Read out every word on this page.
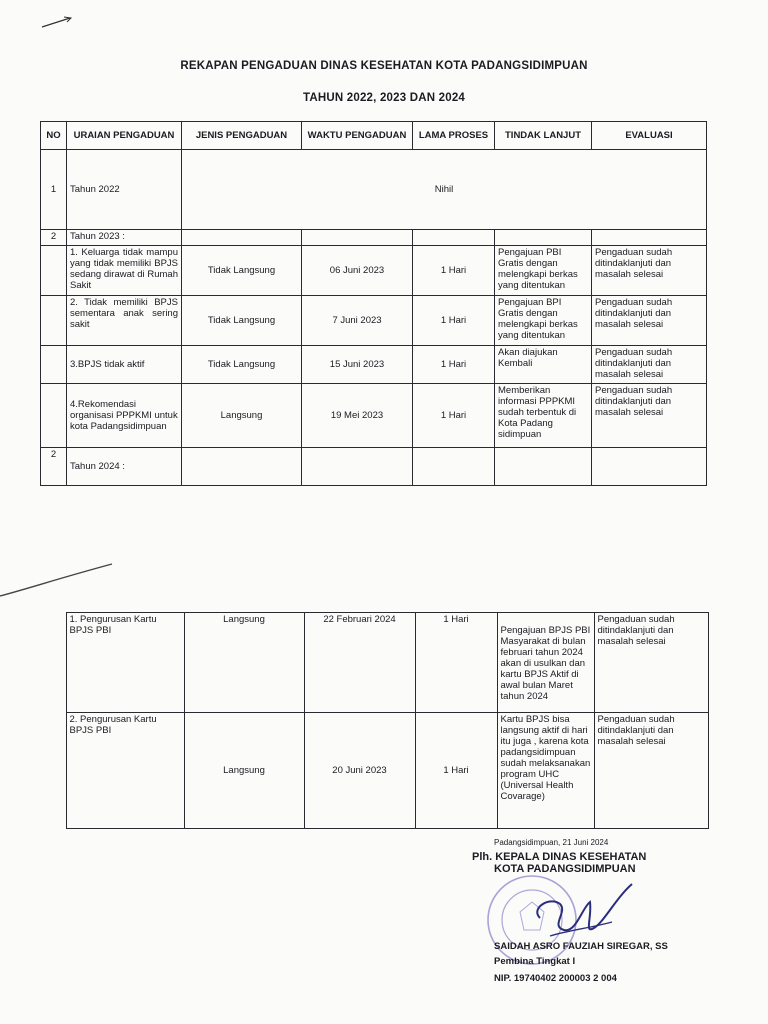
REKAPAN PENGADUAN DINAS KESEHATAN KOTA PADANGSIDIMPUAN
TAHUN 2022, 2023 DAN 2024
NO	URAIAN PENGADUAN	JENIS PENGADUAN	WAKTU PENGADUAN	LAMA PROSES	TINDAK LANJUT	EVALUASI
1	Tahun 2022	Nihil				
2	Tahun 2023 :					
	1. Keluarga tidak mampu yang tidak memiliki BPJS sedang dirawat di Rumah Sakit	Tidak Langsung	06 Juni 2023	1 Hari	Pengajuan PBI Gratis dengan melengkapi berkas yang ditentukan	Pengaduan sudah ditindaklanjuti dan masalah selesai
	2. Tidak memiliki BPJS sementara anak sering sakit	Tidak Langsung	7 Juni 2023	1 Hari	Pengajuan BPI Gratis dengan melengkapi berkas yang ditentukan	Pengaduan sudah ditindaklanjuti dan masalah selesai
	3.BPJS tidak aktif	Tidak Langsung	15 Juni 2023	1 Hari	Akan diajukan Kembali	Pengaduan sudah ditindaklanjuti dan masalah selesai
	4.Rekomendasi organisasi PPPKMI untuk kota Padangsidimpuan	Langsung	19 Mei 2023	1 Hari	Memberikan informasi PPPKMI sudah terbentuk di Kota Padang sidimpuan	Pengaduan sudah ditindaklanjuti dan masalah selesai
2	Tahun 2024 :					
	1. Pengurusan Kartu BPJS PBI	Langsung	22 Februari 2024	1 Hari	Pengajuan BPJS PBI Masyarakat di bulan februari tahun 2024 akan di usulkan dan kartu BPJS Aktif di awal bulan Maret tahun 2024	Pengaduan sudah ditindaklanjuti dan masalah selesai
	2. Pengurusan Kartu BPJS PBI	Langsung	20 Juni 2023	1 Hari	Kartu BPJS bisa langsung aktif di hari itu juga , karena kota padangsidimpuan sudah melaksanakan program UHC (Universal Health Covarage)	Pengaduan sudah ditindaklanjuti dan masalah selesai
Padangsidimpuan, 21 Juni 2024
Plh. KEPALA DINAS KESEHATAN
KOTA PADANGSIDIMPUAN
SAIDAH ASRO FAUZIAH SIREGAR, SS
Pembina Tingkat I
NIP. 19740402 200003 2 004
